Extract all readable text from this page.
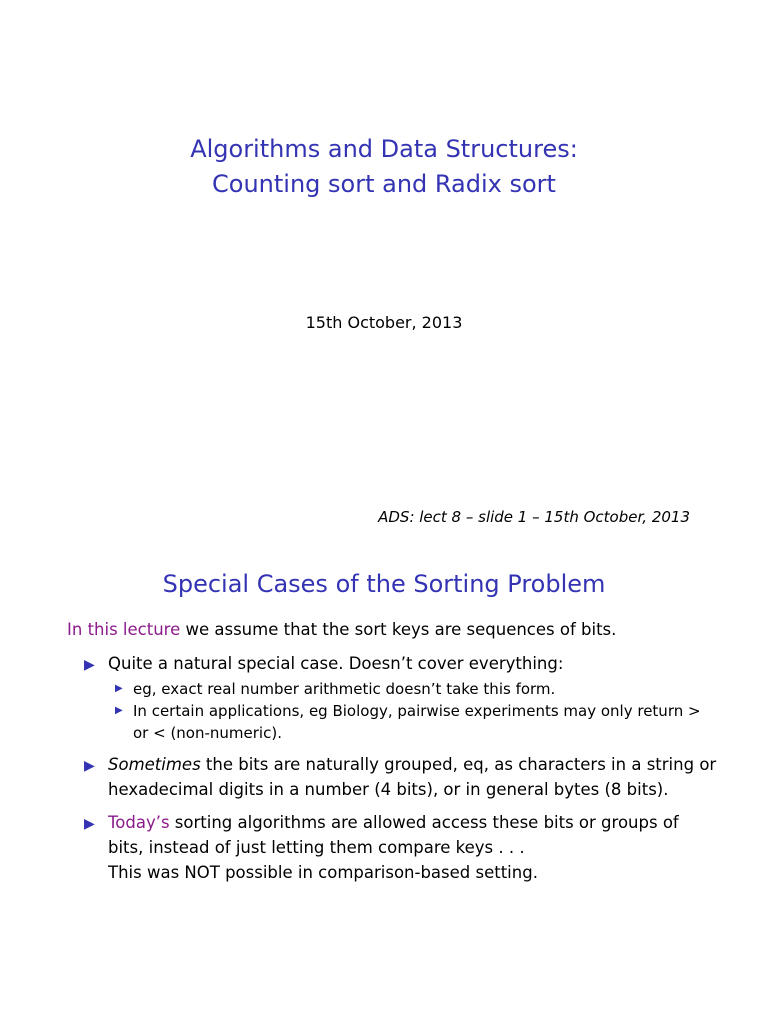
Algorithms and Data Structures:
Counting sort and Radix sort
15th October, 2013
ADS: lect 8 – slide 1 – 15th October, 2013
Special Cases of the Sorting Problem

In this lecture we assume that the sort keys are sequences of bits.

▶ Quite a natural special case. Doesn’t cover everything:
▶ eg, exact real number arithmetic doesn’t take this form.
▶ In certain applications, eg Biology, pairwise experiments may only return > or < (non-numeric).
▶ Sometimes the bits are naturally grouped, eq, as characters in a string or hexadecimal digits in a number (4 bits), or in general bytes (8 bits).
▶ Today’s sorting algorithms are allowed access these bits or groups of bits, instead of just letting them compare keys . . .
This was NOT possible in comparison-based setting.
